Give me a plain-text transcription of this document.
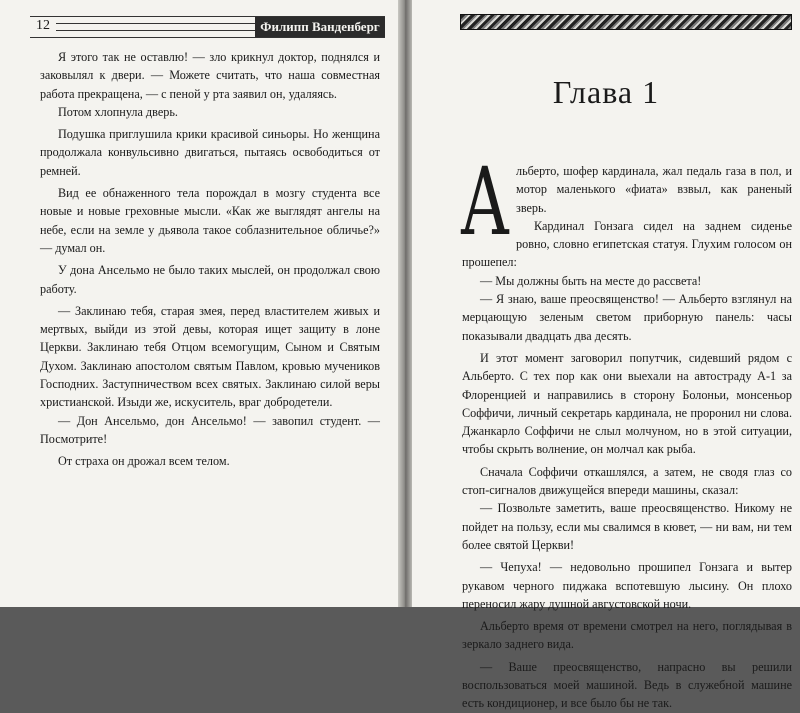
12	Филипп Ванденберг

Я этого так не оставлю! — зло крикнул доктор, поднялся и заковылял к двери. — Можете считать, что наша совместная работа прекращена, — с пеной у рта заявил он, удаляясь.

Потом хлопнула дверь.

Подушка приглушила крики красивой синьоры. Но женщина продолжала конвульсивно двигаться, пытаясь освободиться от ремней.

Вид ее обнаженного тела порождал в мозгу студента все новые и новые греховные мысли. «Как же выглядят ангелы на небе, если на земле у дьявола такое соблазнительное обличье?» — думал он.

У дона Ансельмо не было таких мыслей, он продолжал свою работу.

— Заклинаю тебя, старая змея, перед властителем живых и мертвых, выйди из этой девы, которая ищет защиту в лоне Церкви. Заклинаю тебя Отцом всемогущим, Сыном и Святым Духом. Заклинаю апостолом святым Павлом, кровью мучеников Господних. Заступничеством всех святых. Заклинаю силой веры христианской. Изыди же, искуситель, враг добродетели.

— Дон Ансельмо, дон Ансельмо! — завопил студент. — Посмотрите!

От страха он дрожал всем телом.

Глава 1

Альберто, шофер кардинала, жал педаль газа в пол, и мотор маленького «фиата» взвыл, как раненый зверь.

Кардинал Гонзага сидел на заднем сиденье ровно, словно египетская статуя. Глухим голосом он прошепел:

— Мы должны быть на месте до рассвета!

— Я знаю, ваше преосвященство! — Альберто взглянул на мерцающую зеленым светом приборную панель: часы показывали двадцать два десять.

И этот момент заговорил попутчик, сидевший рядом с Альберто. С тех пор как они выехали на автостраду А-1 за Флоренцией и направились в сторону Болоньи, монсеньор Соффичи, личный секретарь кардинала, не проронил ни слова. Джанкарло Соффичи не слыл молчуном, но в этой ситуации, чтобы скрыть волнение, он молчал как рыба.

Сначала Соффичи откашлялся, а затем, не сводя глаз со стоп-сигналов движущейся впереди машины, сказал:

— Позвольте заметить, ваше преосвященство. Никому не пойдет на пользу, если мы свалимся в кювет, — ни вам, ни тем более святой Церкви!

— Чепуха! — недовольно прошипел Гонзага и вытер рукавом черного пиджака вспотевшую лысину. Он плохо переносил жару душной августовской ночи.

Альберто время от времени смотрел на него, поглядывая в зеркало заднего вида.

— Ваше преосвященство, напрасно вы решили воспользоваться моей машиной. Ведь в служебной машине есть кондиционер, и все было бы не так.
